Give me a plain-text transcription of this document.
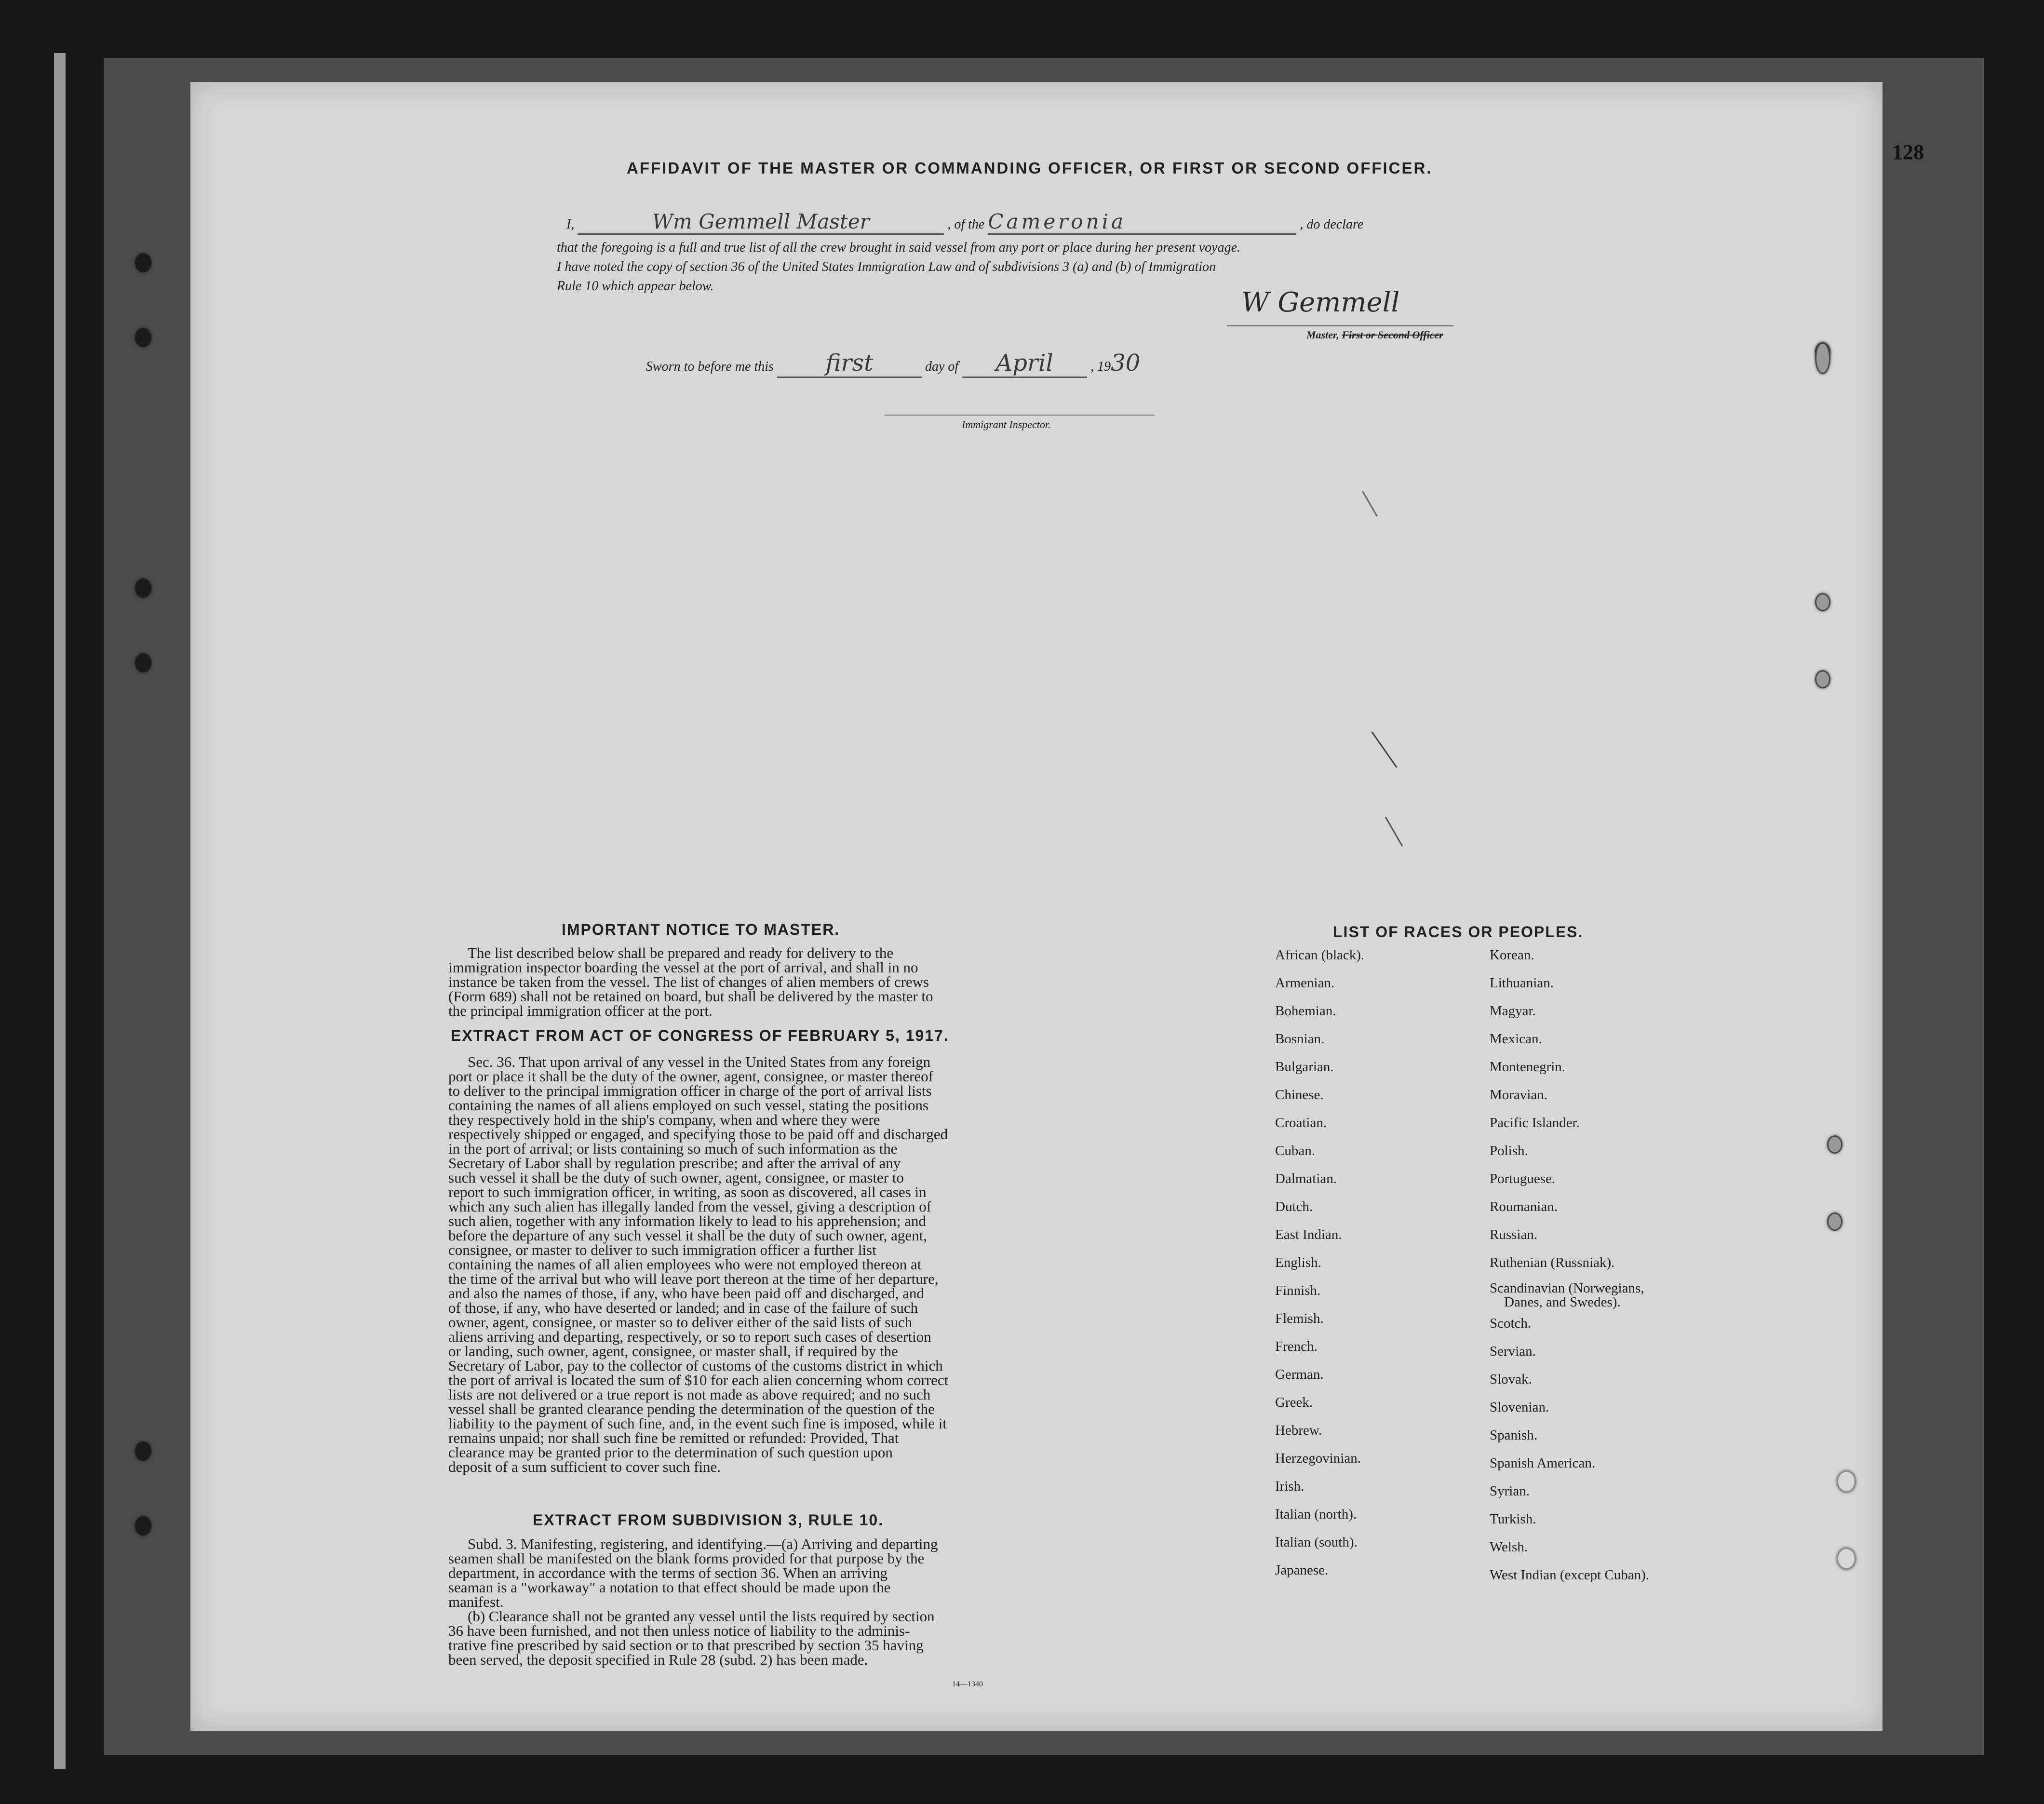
128
AFFIDAVIT OF THE MASTER OR COMMANDING OFFICER, OR FIRST OR SECOND OFFICER.
I,	Wm Gemmell Master	, of the Cameronia	, do declare
that the foregoing is a full and true list of all the crew brought in said vessel from any port or place during her present voyage.
I have noted the copy of section 36 of the United States Immigration Law and of subdivisions 3 (a) and (b) of Immigration
Rule 10 which appear below.
W Gemmell
Master, First or Second Officer
Sworn to before me this first	day of April	, 1930
Immigrant Inspector.
IMPORTANT NOTICE TO MASTER.
The list described below shall be prepared and ready for delivery to the
immigration inspector boarding the vessel at the port of arrival, and shall in no
instance be taken from the vessel. The list of changes of alien members of crews
(Form 689) shall not be retained on board, but shall be delivered by the master to
the principal immigration officer at the port.
EXTRACT FROM ACT OF CONGRESS OF FEBRUARY 5, 1917.
Sec. 36. That upon arrival of any vessel in the United States from any foreign
port or place it shall be the duty of the owner, agent, consignee, or master thereof
to deliver to the principal immigration officer in charge of the port of arrival lists
containing the names of all aliens employed on such vessel, stating the positions
they respectively hold in the ship's company, when and where they were
respectively shipped or engaged, and specifying those to be paid off and discharged
in the port of arrival; or lists containing so much of such information as the
Secretary of Labor shall by regulation prescribe; and after the arrival of any
such vessel it shall be the duty of such owner, agent, consignee, or master to
report to such immigration officer, in writing, as soon as discovered, all cases in
which any such alien has illegally landed from the vessel, giving a description of
such alien, together with any information likely to lead to his apprehension; and
before the departure of any such vessel it shall be the duty of such owner, agent,
consignee, or master to deliver to such immigration officer a further list
containing the names of all alien employees who were not employed thereon at
the time of the arrival but who will leave port thereon at the time of her departure,
and also the names of those, if any, who have been paid off and discharged, and
of those, if any, who have deserted or landed; and in case of the failure of such
owner, agent, consignee, or master so to deliver either of the said lists of such
aliens arriving and departing, respectively, or so to report such cases of desertion
or landing, such owner, agent, consignee, or master shall, if required by the
Secretary of Labor, pay to the collector of customs of the customs district in which
the port of arrival is located the sum of $10 for each alien concerning whom correct
lists are not delivered or a true report is not made as above required; and no such
vessel shall be granted clearance pending the determination of the question of the
liability to the payment of such fine, and, in the event such fine is imposed, while it
remains unpaid; nor shall such fine be remitted or refunded: Provided, That
clearance may be granted prior to the determination of such question upon
deposit of a sum sufficient to cover such fine.
EXTRACT FROM SUBDIVISION 3, RULE 10.
Subd. 3. Manifesting, registering, and identifying.—(a) Arriving and departing
seamen shall be manifested on the blank forms provided for that purpose by the
department, in accordance with the terms of section 36. When an arriving
seaman is a "workaway" a notation to that effect should be made upon the
manifest.
(b) Clearance shall not be granted any vessel until the lists required by section
36 have been furnished, and not then unless notice of liability to the adminis-
trative fine prescribed by said section or to that prescribed by section 35 having
been served, the deposit specified in Rule 28 (subd. 2) has been made.
14—1340
LIST OF RACES OR PEOPLES.
African (black).
Armenian.
Bohemian.
Bosnian.
Bulgarian.
Chinese.
Croatian.
Cuban.
Dalmatian.
Dutch.
East Indian.
English.
Finnish.
Flemish.
French.
German.
Greek.
Hebrew.
Herzegovinian.
Irish.
Italian (north).
Italian (south).
Japanese.
Korean.
Lithuanian.
Magyar.
Mexican.
Montenegrin.
Moravian.
Pacific Islander.
Polish.
Portuguese.
Roumanian.
Russian.
Ruthenian (Russniak).
Scandinavian (Norwegians,
Danes, and Swedes).
Scotch.
Servian.
Slovak.
Slovenian.
Spanish.
Spanish American.
Syrian.
Turkish.
Welsh.
West Indian (except Cuban).
